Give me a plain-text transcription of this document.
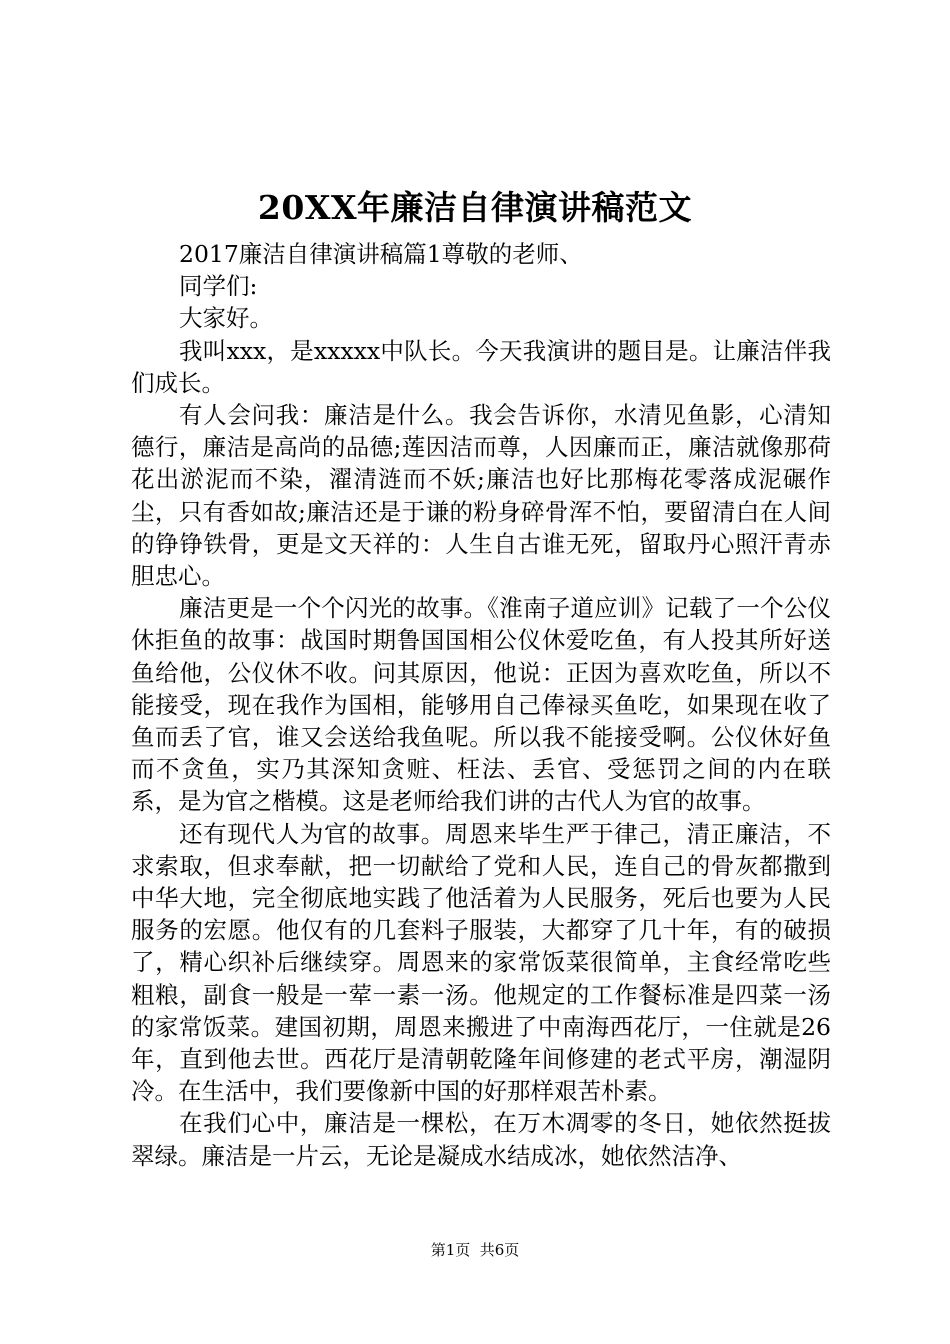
20XX年廉洁自律演讲稿范文

2017廉洁自律演讲稿篇1尊敬的老师、

同学们:

大家好。

我叫xxx，是xxxxx中队长。今天我演讲的题目是。让廉洁伴我们成长。

有人会问我：廉洁是什么。我会告诉你，水清见鱼影，心清知德行，廉洁是高尚的品德;莲因洁而尊，人因廉而正，廉洁就像那荷花出淤泥而不染，濯清涟而不妖;廉洁也好比那梅花零落成泥碾作尘，只有香如故;廉洁还是于谦的粉身碎骨浑不怕，要留清白在人间的铮铮铁骨，更是文天祥的：人生自古谁无死，留取丹心照汗青赤胆忠心。

廉洁更是一个个闪光的故事。《淮南子道应训》记载了一个公仪休拒鱼的故事：战国时期鲁国国相公仪休爱吃鱼，有人投其所好送鱼给他，公仪休不收。问其原因，他说：正因为喜欢吃鱼，所以不能接受，现在我作为国相，能够用自己俸禄买鱼吃，如果现在收了鱼而丢了官，谁又会送给我鱼呢。所以我不能接受啊。公仪休好鱼而不贪鱼，实乃其深知贪赃、枉法、丢官、受惩罚之间的内在联系，是为官之楷模。这是老师给我们讲的古代人为官的故事。

还有现代人为官的故事。周恩来毕生严于律己，清正廉洁，不求索取，但求奉献，把一切献给了党和人民，连自己的骨灰都撒到中华大地，完全彻底地实践了他活着为人民服务，死后也要为人民服务的宏愿。他仅有的几套料子服装，大都穿了几十年，有的破损了，精心织补后继续穿。周恩来的家常饭菜很简单，主食经常吃些粗粮，副食一般是一荤一素一汤。他规定的工作餐标准是四菜一汤的家常饭菜。建国初期，周恩来搬进了中南海西花厅，一住就是26年，直到他去世。西花厅是清朝乾隆年间修建的老式平房，潮湿阴冷。在生活中，我们要像新中国的好那样艰苦朴素。

在我们心中，廉洁是一棵松，在万木凋零的冬日，她依然挺拔翠绿。廉洁是一片云，无论是凝成水结成冰，她依然洁净、

第1页  共6页
